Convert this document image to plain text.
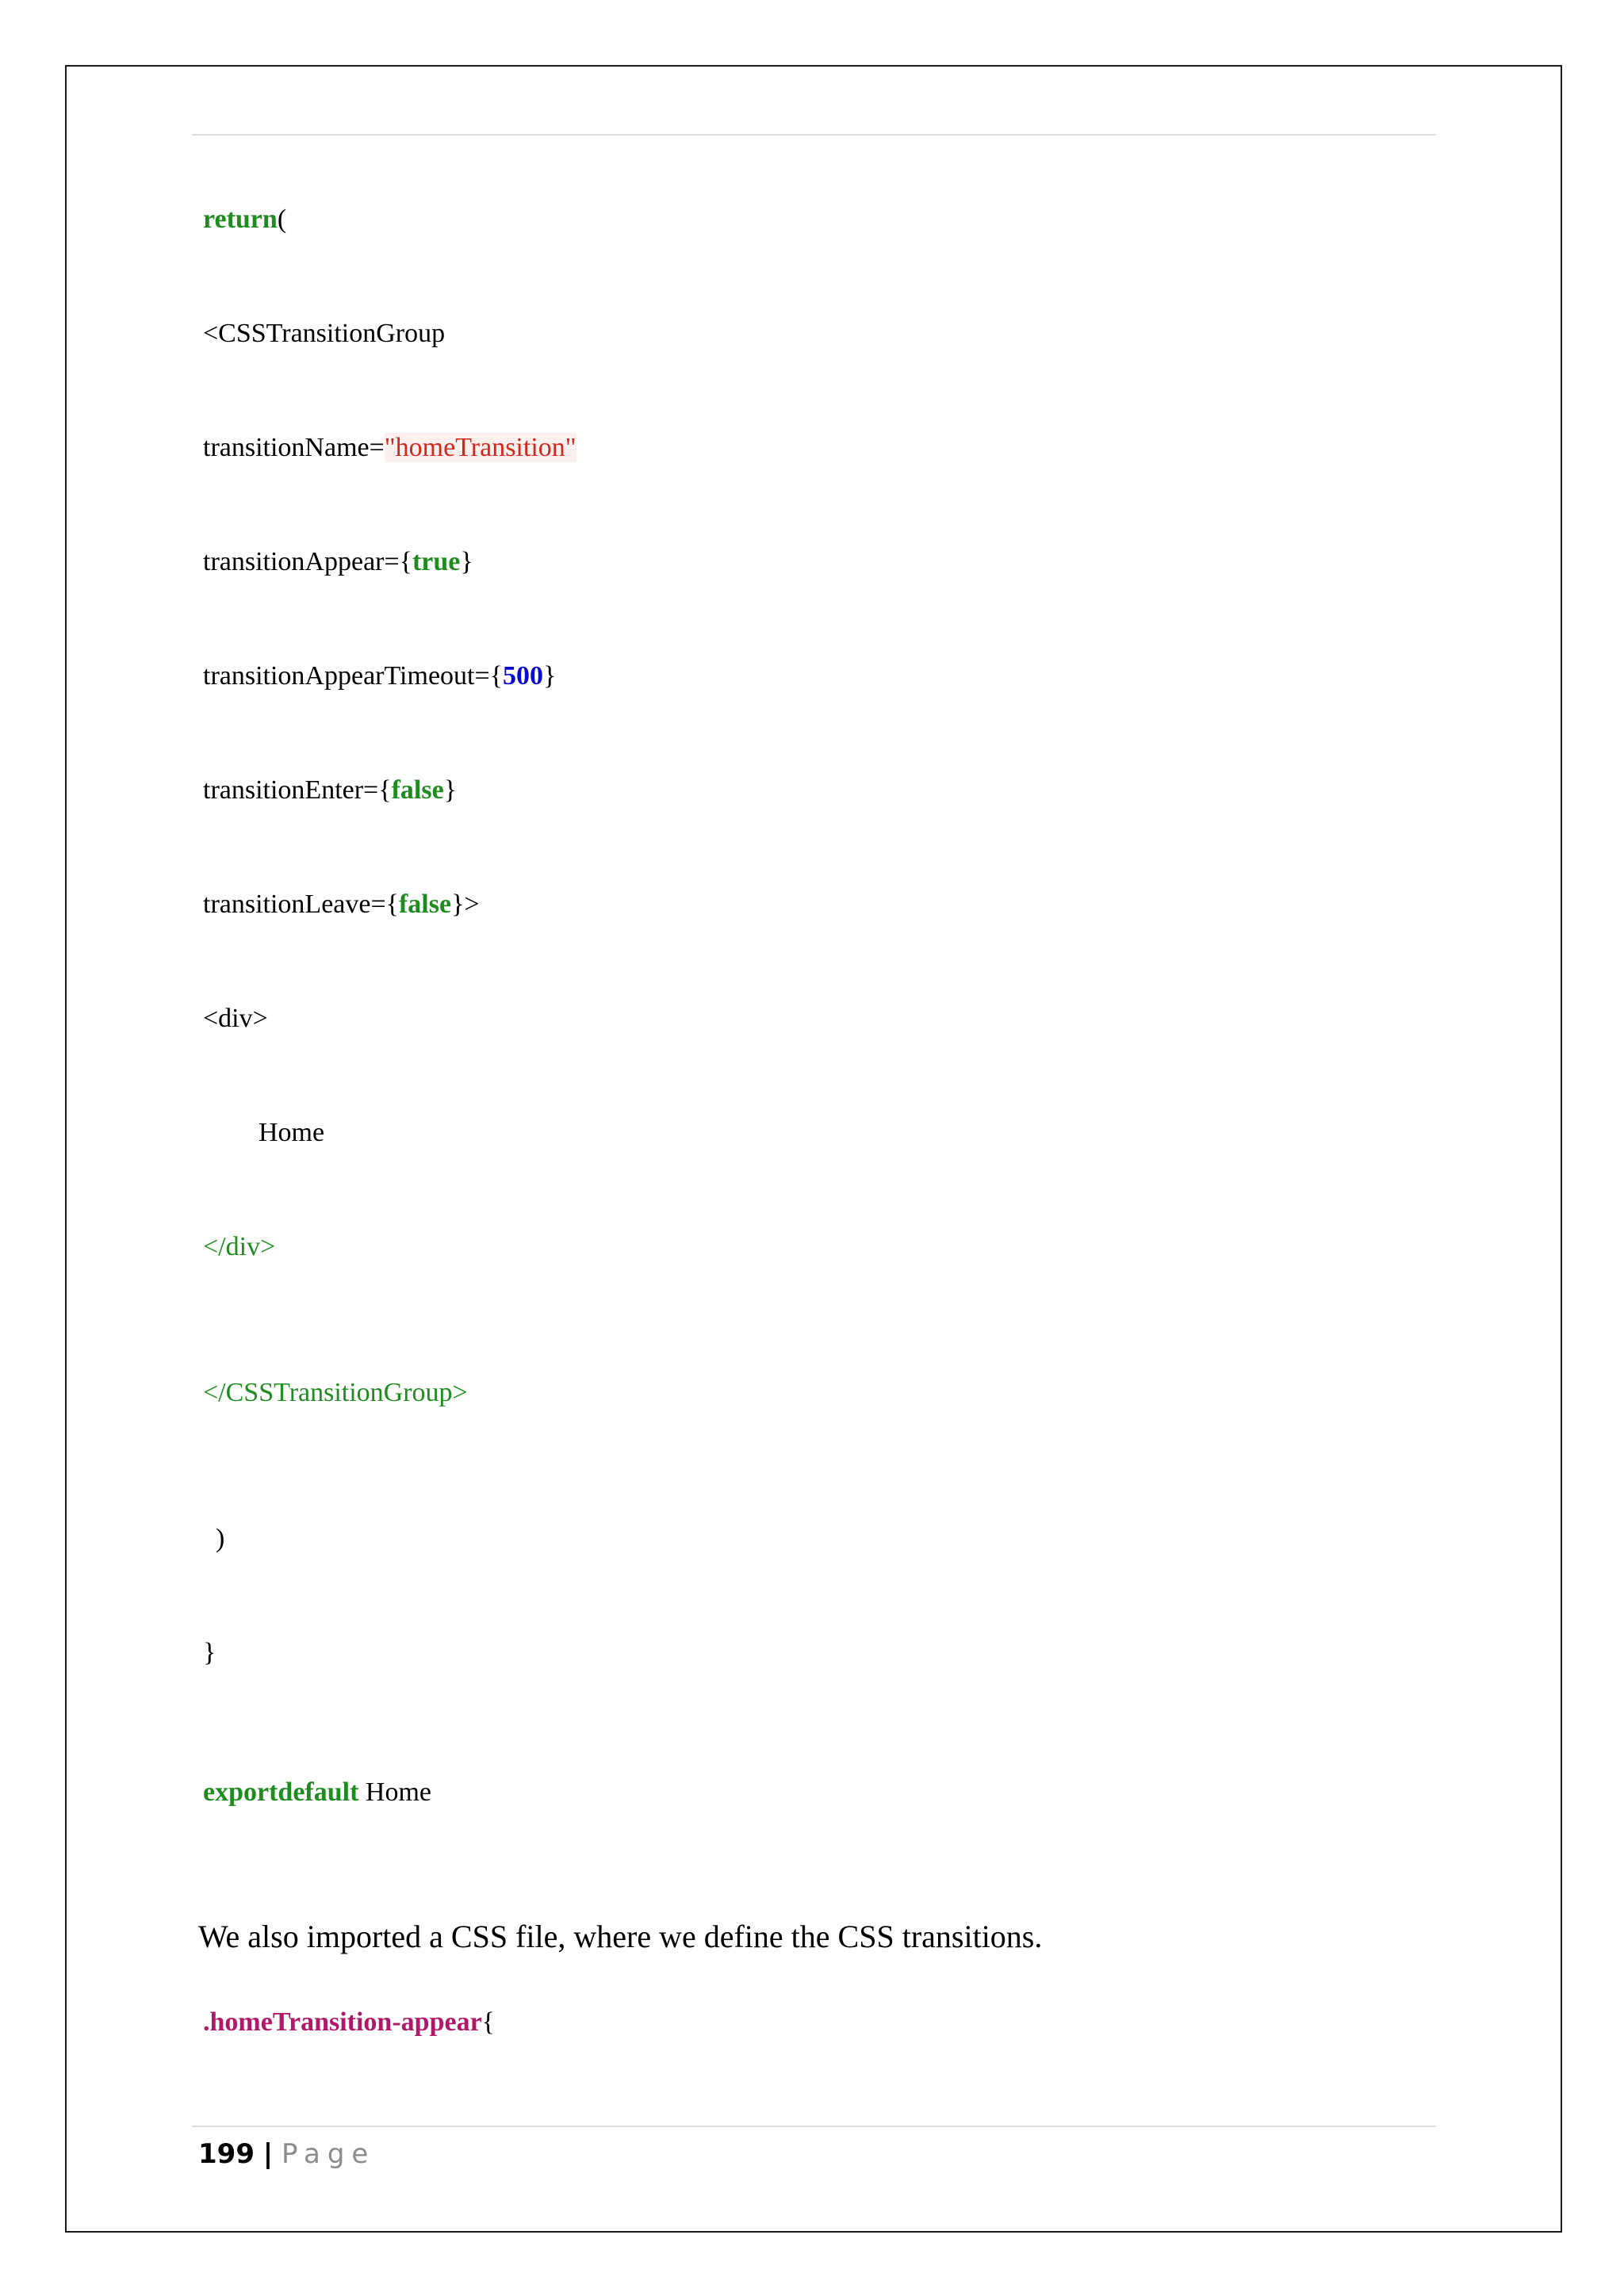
return(

<CSSTransitionGroup

transitionName="homeTransition"

transitionAppear={true}

transitionAppearTimeout={500}

transitionEnter={false}

transitionLeave={false}>

<div>

Home

</div>

</CSSTransitionGroup>

)

}

exportdefault Home

We also imported a CSS file, where we define the CSS transitions.

.homeTransition-appear{

199 | Page
